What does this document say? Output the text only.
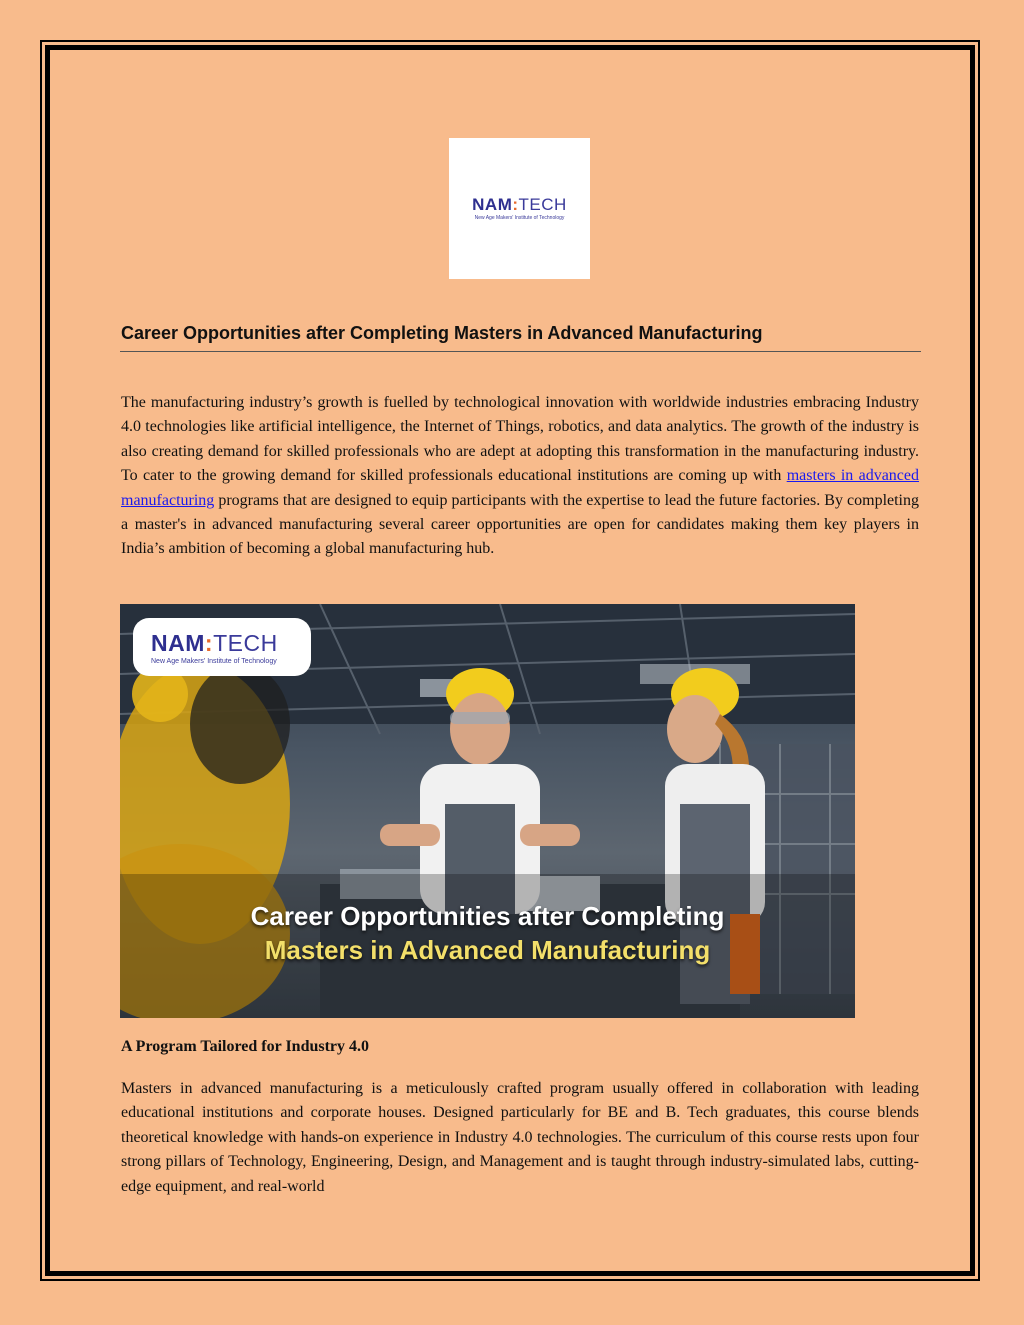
NAM:TECH
New Age Makers' Institute of Technology
Career Opportunities after Completing Masters in Advanced Manufacturing

The manufacturing industry’s growth is fuelled by technological innovation with worldwide industries embracing Industry 4.0 technologies like artificial intelligence, the Internet of Things, robotics, and data analytics. The growth of the industry is also creating demand for skilled professionals who are adept at adopting this transformation in the manufacturing industry. To cater to the growing demand for skilled professionals educational institutions are coming up with masters in advanced manufacturing programs that are designed to equip participants with the expertise to lead the future factories. By completing a master's in advanced manufacturing several career opportunities are open for candidates making them key players in India’s ambition of becoming a global manufacturing hub.

NAM:TECH
New Age Makers' Institute of Technology
Career Opportunities after Completing
Masters in Advanced Manufacturing
A Program Tailored for Industry 4.0

Masters in advanced manufacturing is a meticulously crafted program usually offered in collaboration with leading educational institutions and corporate houses. Designed particularly for BE and B. Tech graduates, this course blends theoretical knowledge with hands-on experience in Industry 4.0 technologies. The curriculum of this course rests upon four strong pillars of Technology, Engineering, Design, and Management and is taught through industry-simulated labs, cutting-edge equipment, and real-world
